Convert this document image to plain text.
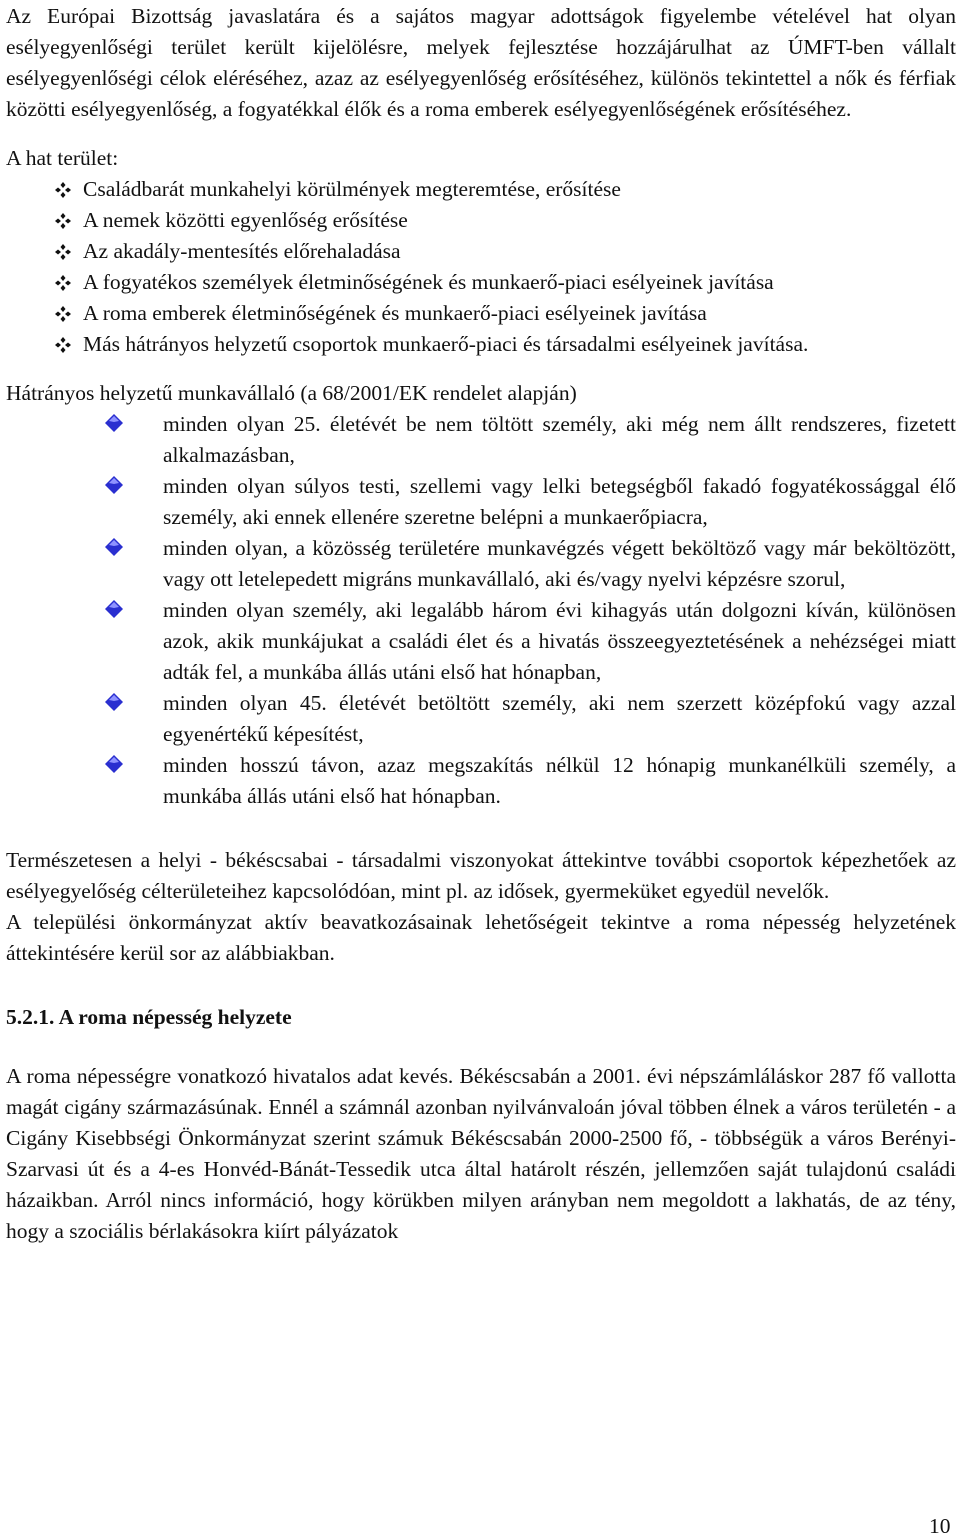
Az Európai Bizottság javaslatára és a sajátos magyar adottságok figyelembe vételével hat olyan esélyegyenlőségi terület került kijelölésre, melyek fejlesztése hozzájárulhat az ÚMFT-ben vállalt esélyegyenlőségi célok eléréséhez, azaz az esélyegyenlőség erősítéséhez, különös tekintettel a nők és férfiak közötti esélyegyenlőség, a fogyatékkal élők és a roma emberek esélyegyenlőségének erősítéséhez.

A hat terület:

Családbarát munkahelyi körülmények megteremtése, erősítése
A nemek közötti egyenlőség erősítése
Az akadály-mentesítés előrehaladása
A fogyatékos személyek életminőségének és munkaerő-piaci esélyeinek javítása
A roma emberek életminőségének és munkaerő-piaci esélyeinek javítása
Más hátrányos helyzetű csoportok munkaerő-piaci és társadalmi esélyeinek javítása.

Hátrányos helyzetű munkavállaló (a 68/2001/EK rendelet alapján)

minden olyan 25. életévét be nem töltött személy, aki még nem állt rendszeres, fizetett alkalmazásban,
minden olyan súlyos testi, szellemi vagy lelki betegségből fakadó fogyatékossággal élő személy, aki ennek ellenére szeretne belépni a munkaerőpiacra,
minden olyan, a közösség területére munkavégzés végett beköltöző vagy már beköltözött, vagy ott letelepedett migráns munkavállaló, aki és/vagy nyelvi képzésre szorul,
minden olyan személy, aki legalább három évi kihagyás után dolgozni kíván, különösen azok, akik munkájukat a családi élet és a hivatás összeegyeztetésének a nehézségei miatt adták fel, a munkába állás utáni első hat hónapban,
minden olyan 45. életévét betöltött személy, aki nem szerzett középfokú vagy azzal egyenértékű képesítést,
minden hosszú távon, azaz megszakítás nélkül 12 hónapig munkanélküli személy, a munkába állás utáni első hat hónapban.

Természetesen a helyi - békéscsabai - társadalmi viszonyokat áttekintve további csoportok képezhetőek az esélyegyelőség célterületeihez kapcsolódóan, mint pl. az idősek, gyermeküket egyedül nevelők.

A települési önkormányzat aktív beavatkozásainak lehetőségeit tekintve a roma népesség helyzetének áttekintésére kerül sor az alábbiakban.

5.2.1. A roma népesség helyzete

A roma népességre vonatkozó hivatalos adat kevés. Békéscsabán a 2001. évi népszámláláskor 287 fő vallotta magát cigány származásúnak. Ennél a számnál azonban nyilvánvaloán jóval többen élnek a város területén - a Cigány Kisebbségi Önkormányzat szerint számuk Békéscsabán 2000-2500 fő, - többségük a város Berényi-Szarvasi út és a 4-es Honvéd-Bánát-Tessedik utca által határolt részén, jellemzően saját tulajdonú családi házaikban. Arról nincs információ, hogy körükben milyen arányban nem megoldott a lakhatás, de az tény, hogy a szociális bérlakásokra kiírt pályázatok

10
